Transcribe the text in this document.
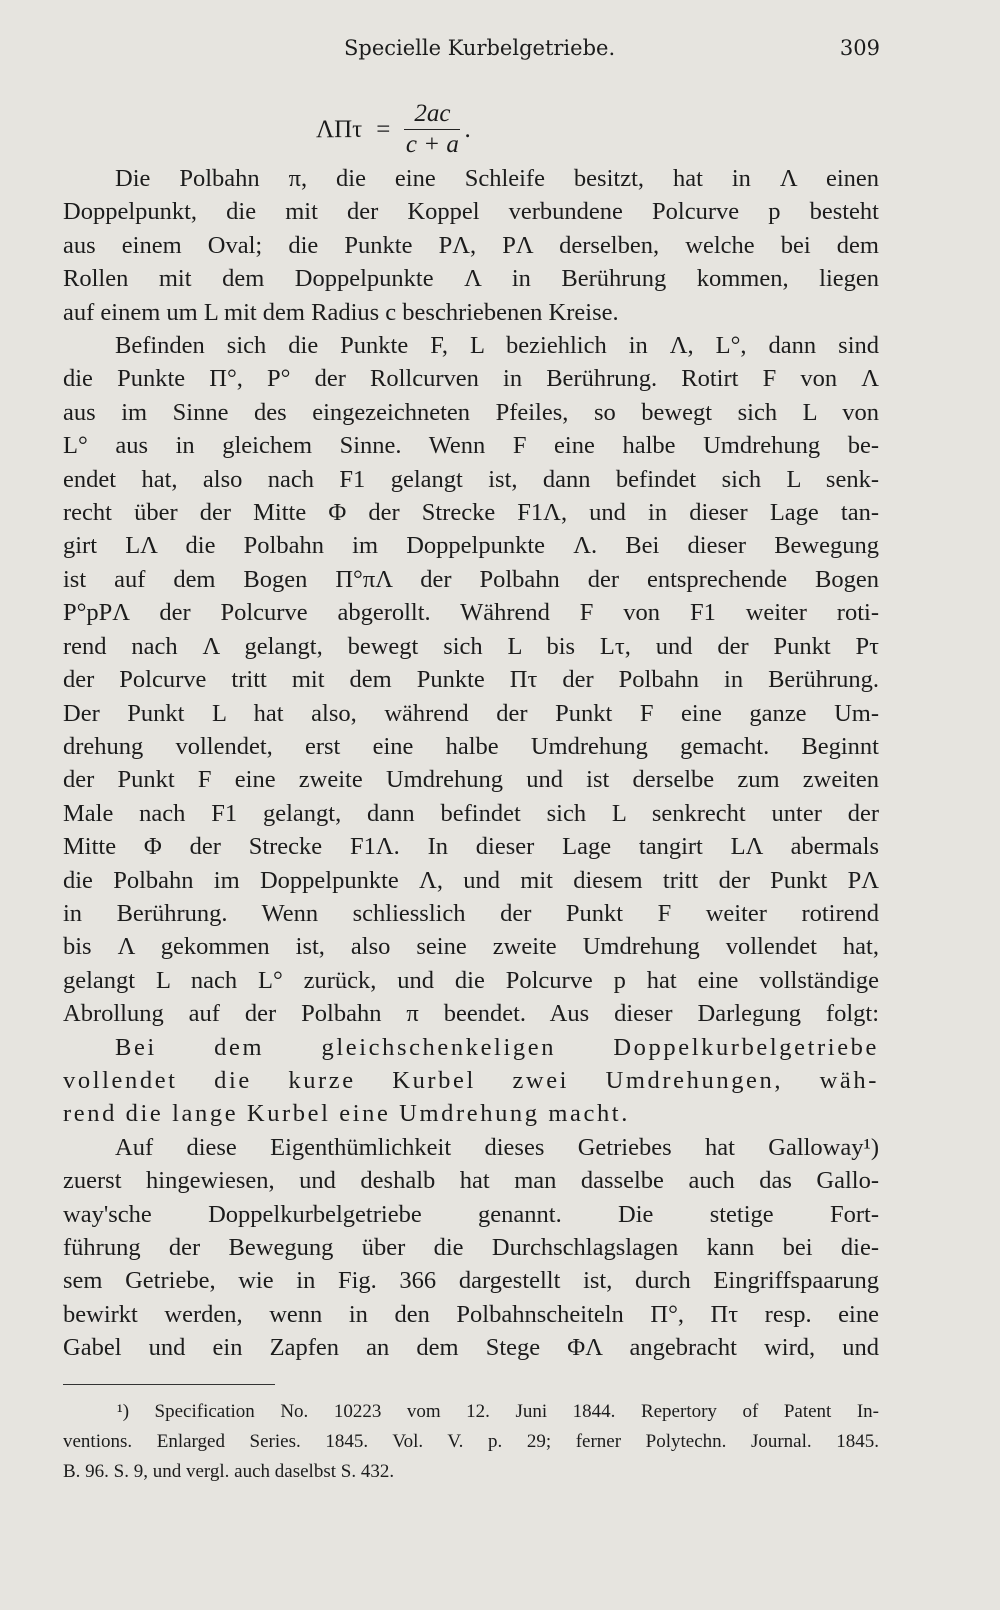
Specielle Kurbelgetriebe.	309
$\Lambda\Pi\tau = \frac{2ac}{c + a}$ .
Die Polbahn π, die eine Schleife besitzt, hat in Λ einen
Doppelpunkt, die mit der Koppel verbundene Polcurve p besteht
aus einem Oval; die Punkte PΛ, PΛ derselben, welche bei dem
Rollen mit dem Doppelpunkte Λ in Berührung kommen, liegen
auf einem um L mit dem Radius c beschriebenen Kreise.
Befinden sich die Punkte F, L beziehlich in Λ, L°, dann sind
die Punkte Π°, P° der Rollcurven in Berührung. Rotirt F von Λ
aus im Sinne des eingezeichneten Pfeiles, so bewegt sich L von
L° aus in gleichem Sinne. Wenn F eine halbe Umdrehung be-
endet hat, also nach F1 gelangt ist, dann befindet sich L senk-
recht über der Mitte Φ der Strecke F1Λ, und in dieser Lage tan-
girt LΛ die Polbahn im Doppelpunkte Λ. Bei dieser Bewegung
ist auf dem Bogen Π°πΛ der Polbahn der entsprechende Bogen
P°pPΛ der Polcurve abgerollt. Während F von F1 weiter roti-
rend nach Λ gelangt, bewegt sich L bis Lτ, und der Punkt Pτ
der Polcurve tritt mit dem Punkte Πτ der Polbahn in Berührung.
Der Punkt L hat also, während der Punkt F eine ganze Um-
drehung vollendet, erst eine halbe Umdrehung gemacht. Beginnt
der Punkt F eine zweite Umdrehung und ist derselbe zum zweiten
Male nach F1 gelangt, dann befindet sich L senkrecht unter der
Mitte Φ der Strecke F1Λ. In dieser Lage tangirt LΛ abermals
die Polbahn im Doppelpunkte Λ, und mit diesem tritt der Punkt PΛ
in Berührung. Wenn schliesslich der Punkt F weiter rotirend
bis Λ gekommen ist, also seine zweite Umdrehung vollendet hat,
gelangt L nach L° zurück, und die Polcurve p hat eine vollständige
Abrollung auf der Polbahn π beendet. Aus dieser Darlegung folgt:
Bei dem gleichschenkeligen Doppelkurbelgetriebe
vollendet die kurze Kurbel zwei Umdrehungen, wäh-
rend die lange Kurbel eine Umdrehung macht.
Auf diese Eigenthümlichkeit dieses Getriebes hat Galloway¹)
zuerst hingewiesen, und deshalb hat man dasselbe auch das Gallo-
way'sche Doppelkurbelgetriebe genannt. Die stetige Fort-
führung der Bewegung über die Durchschlagslagen kann bei die-
sem Getriebe, wie in Fig. 366 dargestellt ist, durch Eingriffspaarung
bewirkt werden, wenn in den Polbahnscheiteln Π°, Πτ resp. eine
Gabel und ein Zapfen an dem Stege ΦΛ angebracht wird, und
¹) Specification No. 10223 vom 12. Juni 1844. Repertory of Patent In-
ventions. Enlarged Series. 1845. Vol. V. p. 29; ferner Polytechn. Journal. 1845.
B. 96. S. 9, und vergl. auch daselbst S. 432.
